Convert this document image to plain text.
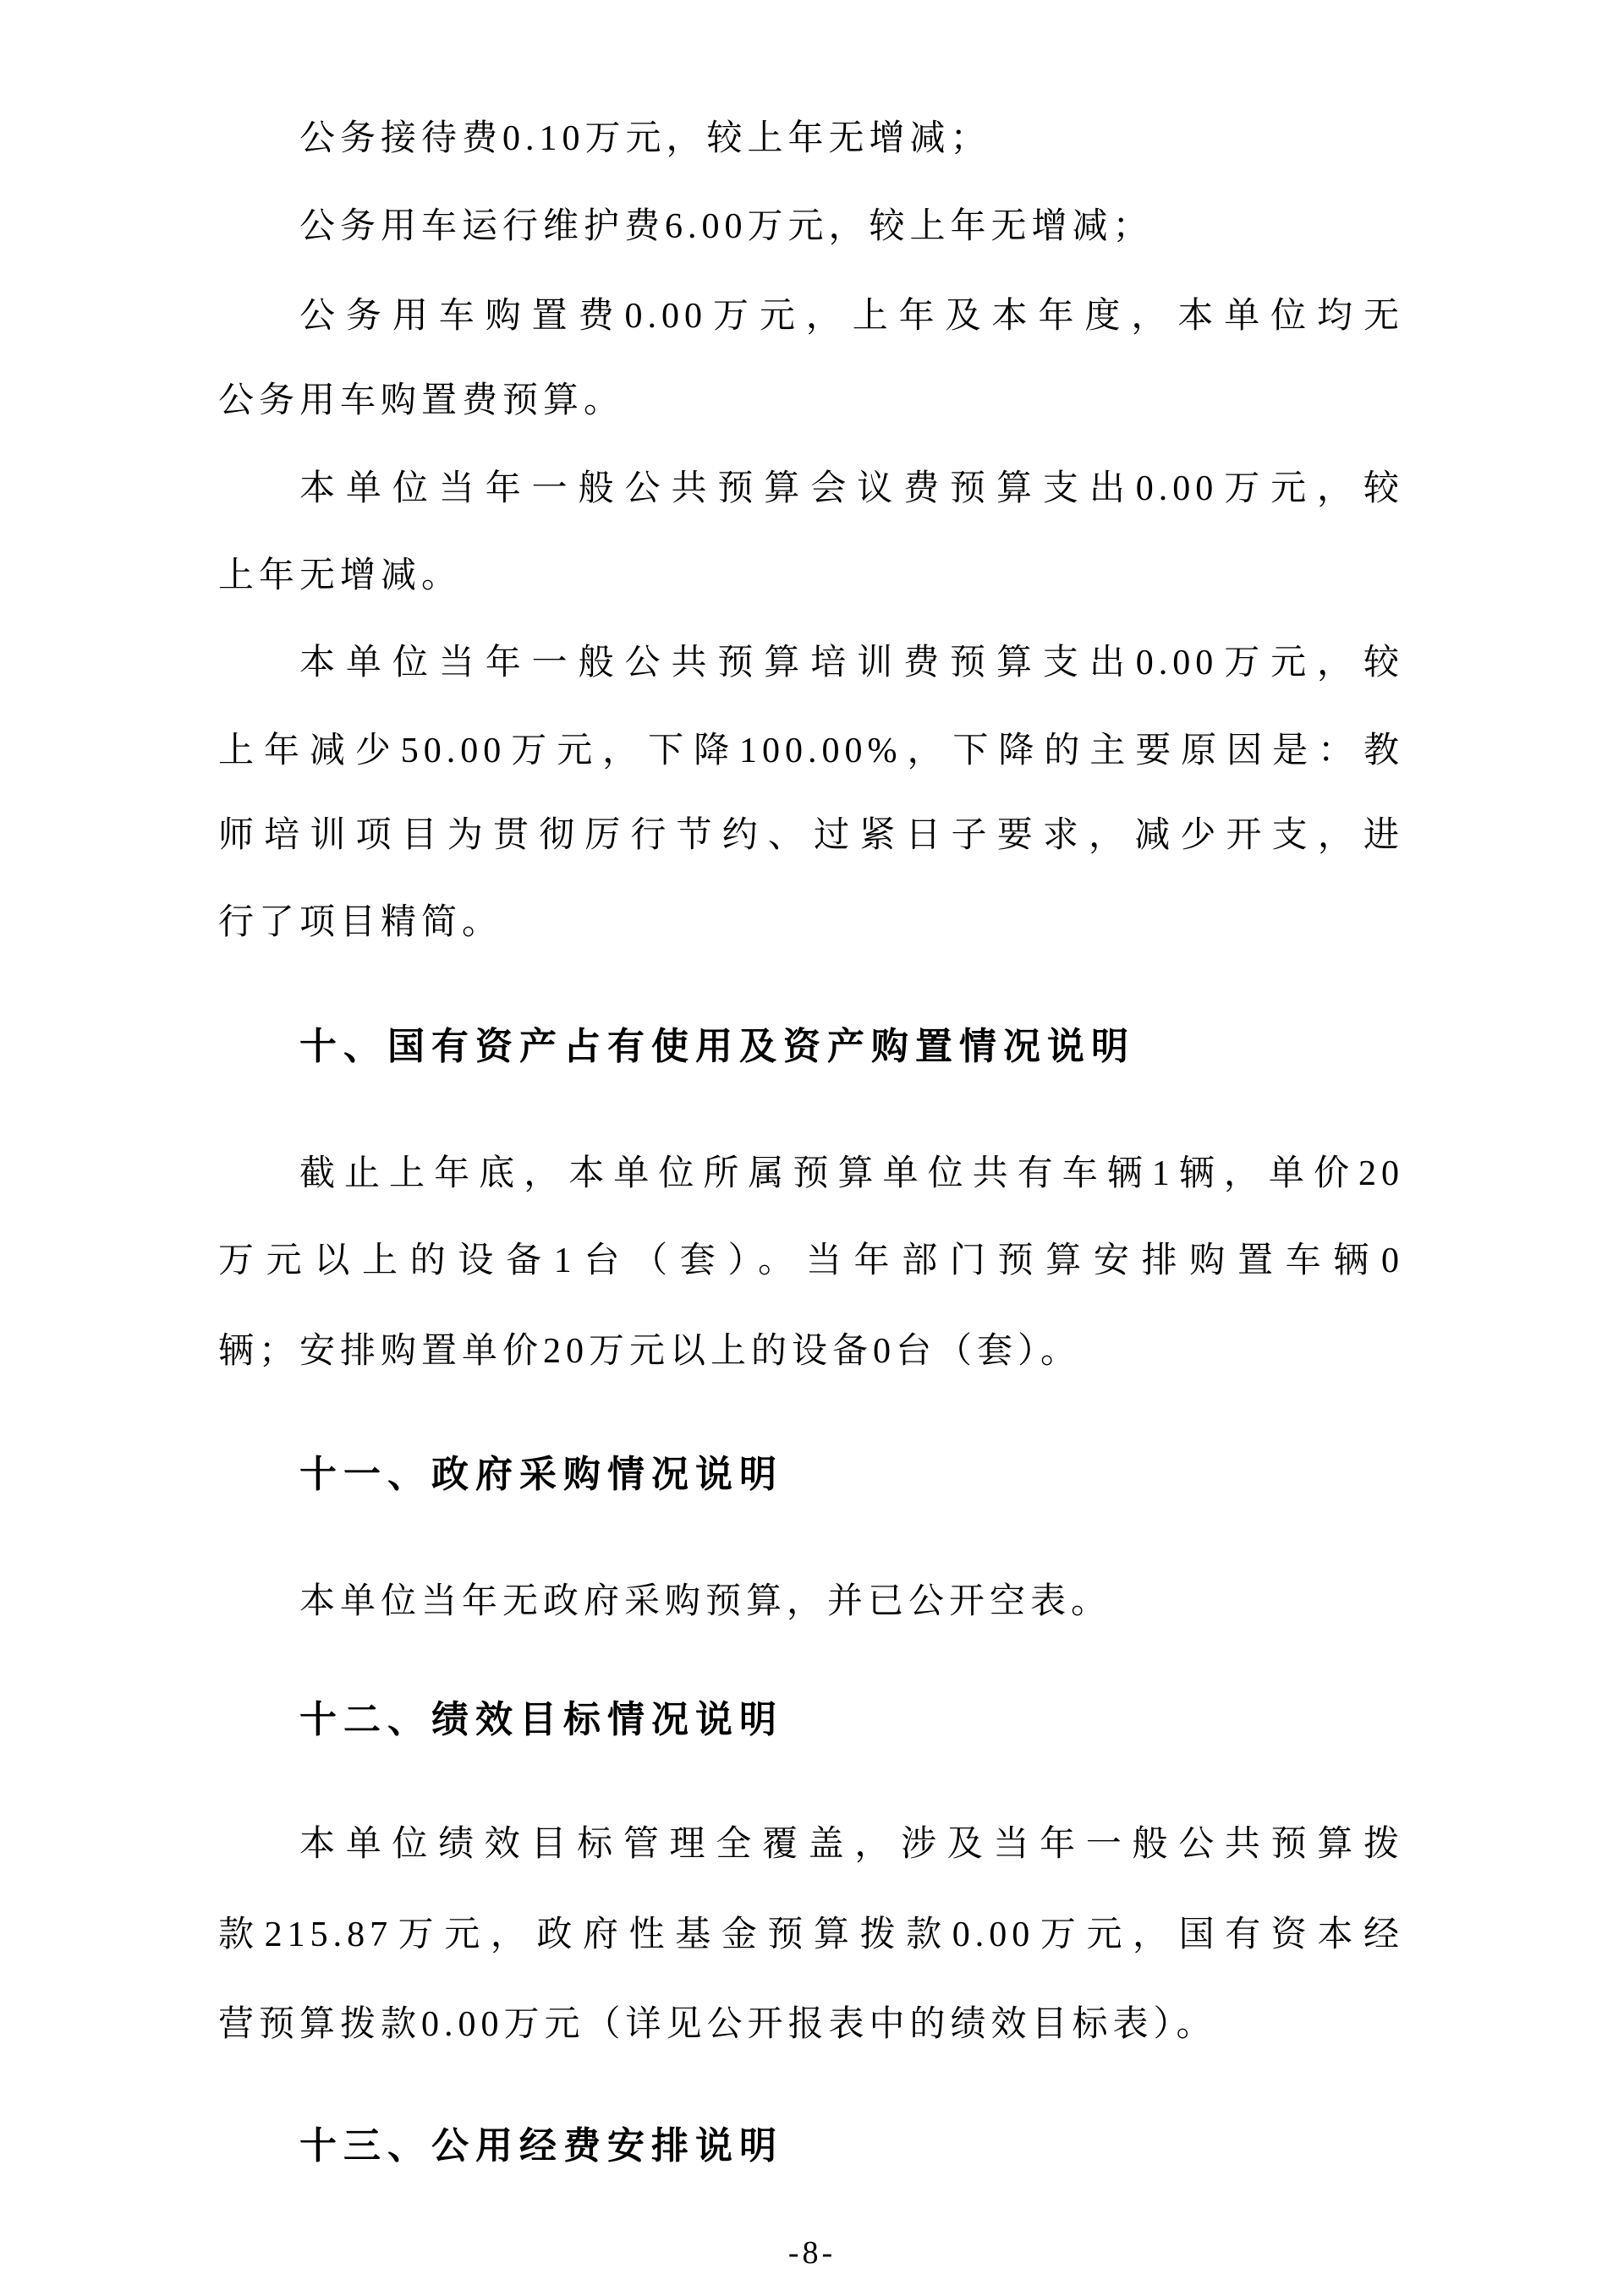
公务接待费0.10万元，较上年无增减；
公务用车运行维护费6.00万元，较上年无增减；
公务用车购置费0.00万元，上年及本年度，本单位均无
公务用车购置费预算。
本单位当年一般公共预算会议费预算支出0.00万元，较
上年无增减。
本单位当年一般公共预算培训费预算支出0.00万元，较
上年减少50.00万元，下降100.00%，下降的主要原因是：教
师培训项目为贯彻厉行节约、过紧日子要求，减少开支，进
行了项目精简。
十、国有资产占有使用及资产购置情况说明
截止上年底，本单位所属预算单位共有车辆1辆，单价20
万元以上的设备1台（套）。当年部门预算安排购置车辆0
辆；安排购置单价20万元以上的设备0台（套）。
十一、政府采购情况说明
本单位当年无政府采购预算，并已公开空表。
十二、绩效目标情况说明
本单位绩效目标管理全覆盖，涉及当年一般公共预算拨
款215.87万元，政府性基金预算拨款0.00万元，国有资本经
营预算拨款0.00万元（详见公开报表中的绩效目标表）。
十三、公用经费安排说明
-8-
